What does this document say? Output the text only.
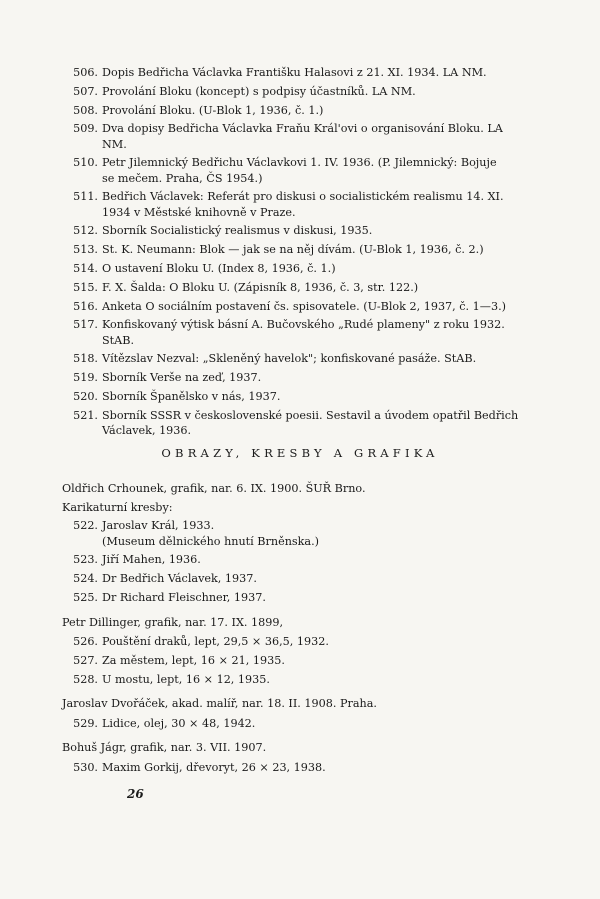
506. Dopis Bedřicha Václavka Františku Halasovi z 21. XI. 1934. LA NM.
507. Provolání Bloku (koncept) s podpisy účastníků. LA NM.
508. Provolání Bloku. (U-Blok 1, 1936, č. 1.)
509. Dva dopisy Bedřicha Václavka Fraňu Král'ovi o organisování Bloku. LA
NM.
510. Petr Jilemnický Bedřichu Václavkovi 1. IV. 1936. (P. Jilemnický: Bojuje
se mečem. Praha, ČS 1954.)
511. Bedřich Václavek: Referát pro diskusi o socialistickém realismu 14. XI.
1934 v Městské knihovně v Praze.
512. Sborník Socialistický realismus v diskusi, 1935.
513. St. K. Neumann: Blok — jak se na něj dívám. (U-Blok 1, 1936, č. 2.)
514. O ustavení Bloku U. (Index 8, 1936, č. 1.)
515. F. X. Šalda: O Bloku U. (Zápisník 8, 1936, č. 3, str. 122.)
516. Anketa O sociálním postavení čs. spisovatele. (U-Blok 2, 1937, č. 1—3.)
517. Konfiskovaný výtisk básní A. Bučovského „Rudé plameny" z roku 1932.
StAB.
518. Vítězslav Nezval: „Skleněný havelok"; konfiskované pasáže. StAB.
519. Sborník Verše na zeď, 1937.
520. Sborník Španělsko v nás, 1937.
521. Sborník SSSR v československé poesii. Sestavil a úvodem opatřil Bedřich
Václavek, 1936.
OBRAZY, KRESBY A GRAFIKA
Oldřich Crhounek, grafik, nar. 6. IX. 1900. ŠUŘ Brno.
Karikaturní kresby:
522. Jaroslav Král, 1933.
(Museum dělnického hnutí Brněnska.)
523. Jiří Mahen, 1936.
524. Dr Bedřich Václavek, 1937.
525. Dr Richard Fleischner, 1937.
Petr Dillinger, grafik, nar. 17. IX. 1899,
526. Pouštění draků, lept, 29,5 × 36,5, 1932.
527. Za městem, lept, 16 × 21, 1935.
528. U mostu, lept, 16 × 12, 1935.
Jaroslav Dvořáček, akad. malíř, nar. 18. II. 1908. Praha.
529. Lidice, olej, 30 × 48, 1942.
Bohuš Jágr, grafik, nar. 3. VII. 1907.
530. Maxim Gorkij, dřevoryt, 26 × 23, 1938.
26
